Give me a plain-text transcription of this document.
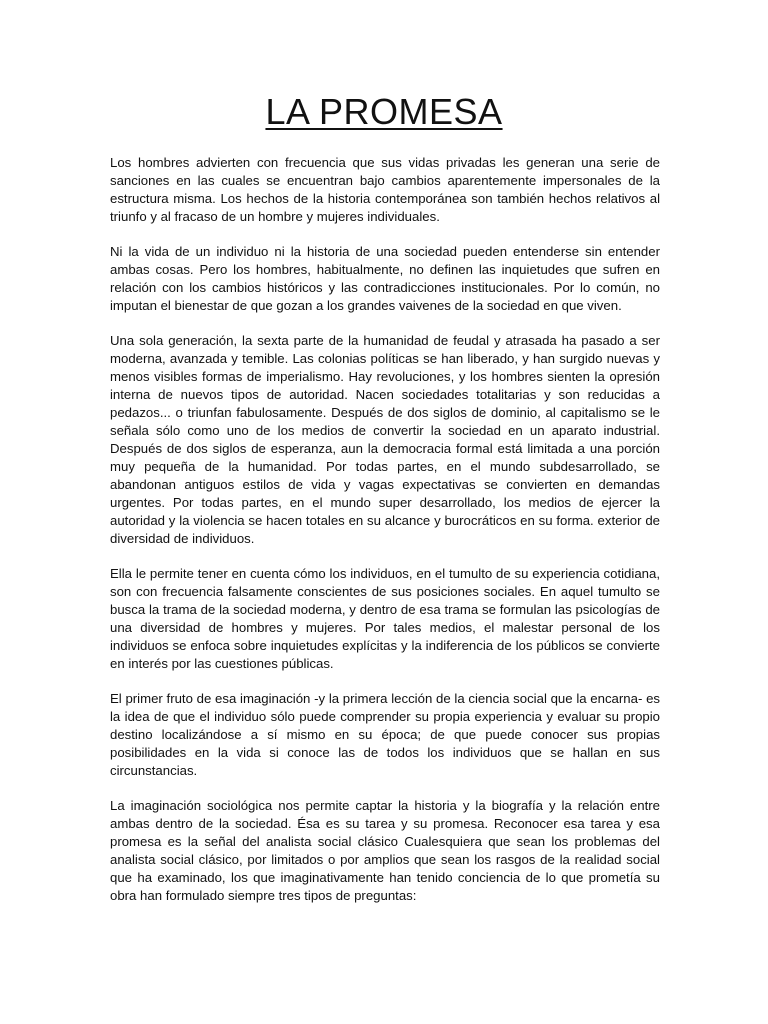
LA PROMESA

Los hombres advierten con frecuencia que sus vidas privadas les generan una serie de sanciones en las cuales se encuentran bajo cambios aparentemente impersonales de la estructura misma. Los hechos de la historia contemporánea son también hechos relativos al triunfo y al fracaso de un hombre y mujeres individuales.

Ni la vida de un individuo ni la historia de una sociedad pueden entenderse sin entender ambas cosas. Pero los hombres, habitualmente, no definen las inquietudes que sufren en relación con los cambios históricos y las contradicciones institucionales. Por lo común, no imputan el bienestar de que gozan a los grandes vaivenes de la sociedad en que viven.

Una sola generación, la sexta parte de la humanidad de feudal y atrasada ha pasado a ser moderna, avanzada y temible. Las colonias políticas se han liberado, y han surgido nuevas y menos visibles formas de imperialismo. Hay revoluciones, y los hombres sienten la opresión interna de nuevos tipos de autoridad. Nacen sociedades totalitarias y son reducidas a pedazos... o triunfan fabulosamente. Después de dos siglos de dominio, al capitalismo se le señala sólo como uno de los medios de convertir la sociedad en un aparato industrial. Después de dos siglos de esperanza, aun la democracia formal está limitada a una porción muy pequeña de la humanidad. Por todas partes, en el mundo subdesarrollado, se abandonan antiguos estilos de vida y vagas expectativas se convierten en demandas urgentes. Por todas partes, en el mundo super desarrollado, los medios de ejercer la autoridad y la violencia se hacen totales en su alcance y burocráticos en su forma. exterior de diversidad de individuos.

Ella le permite tener en cuenta cómo los individuos, en el tumulto de su experiencia cotidiana, son con frecuencia falsamente conscientes de sus posiciones sociales. En aquel tumulto se busca la trama de la sociedad moderna, y dentro de esa trama se formulan las psicologías de una diversidad de hombres y mujeres. Por tales medios, el malestar personal de los individuos se enfoca sobre inquietudes explícitas y la indiferencia de los públicos se convierte en interés por las cuestiones públicas.

El primer fruto de esa imaginación -y la primera lección de la ciencia social que la encarna- es la idea de que el individuo sólo puede comprender su propia experiencia y evaluar su propio destino localizándose a sí mismo en su época; de que puede conocer sus propias posibilidades en la vida si conoce las de todos los individuos que se hallan en sus circunstancias.

La imaginación sociológica nos permite captar la historia y la biografía y la relación entre ambas dentro de la sociedad. Ésa es su tarea y su promesa. Reconocer esa tarea y esa promesa es la señal del analista social clásico Cualesquiera que sean los problemas del analista social clásico, por limitados o por amplios que sean los rasgos de la realidad social que ha examinado, los que imaginativamente han tenido conciencia de lo que prometía su obra han formulado siempre tres tipos de preguntas:
